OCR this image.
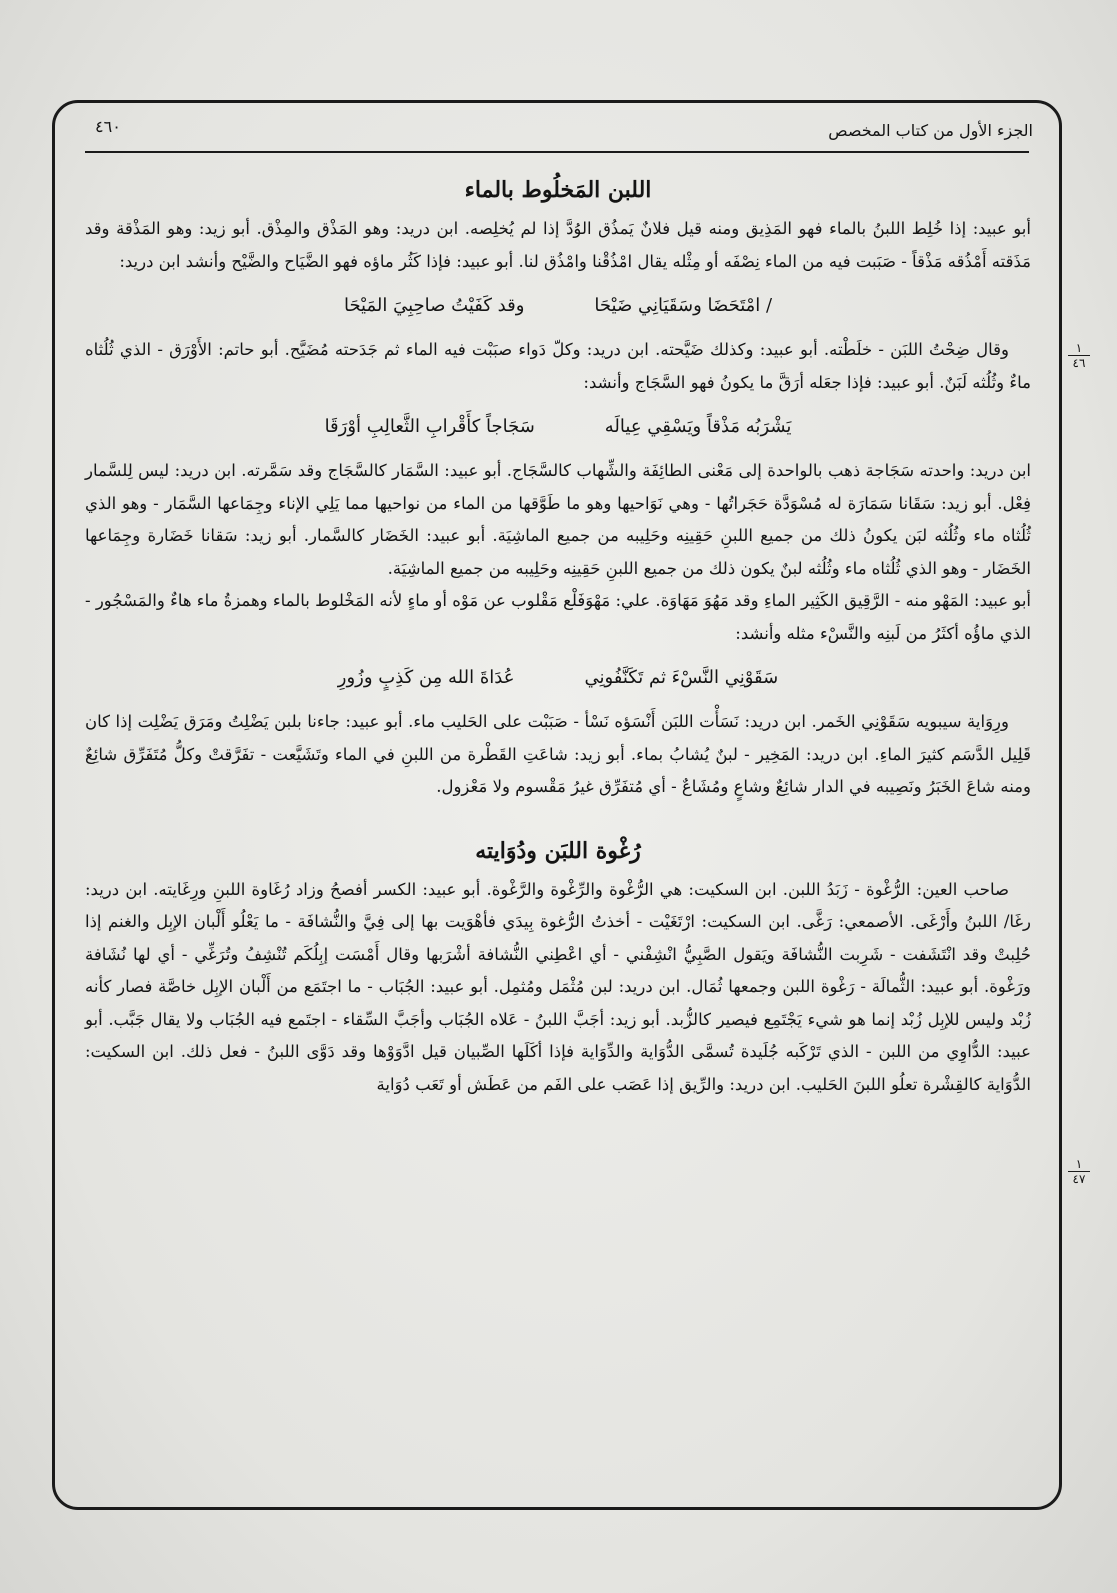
الجزء الأول من كتاب المخصص
٤٦٠
اللبن المَخلُوط بالماء

أبو عبيد: إذا خُلِط اللبنُ بالماء فهو المَذِيق ومنه قيل فلانٌ يَمذُق الوُدَّ إذا لم يُخلِصه. ابن دريد: وهو المَذْق والمِذْق. أبو زيد: وهو المَذْقة وقد مَذَقته أَمْذُقه مَذْقاً - صَبَبت فيه من الماء نِصْفَه أو مِثْله يقال امْذُقْنا وامْذُق لنا. أبو عبيد: فإذا كَثُر ماؤه فهو الضَّيَاح والضَّيْح وأنشد ابن دريد:

/ امْتَحَضَا وسَقَيَانِي ضَيْحَا
وقد كَفَيْتُ صاحِبِيَ المَيْحَا

وقال ضِحْتُ اللبَن - خلَطْته. أبو عبيد: وكذلك ضَيَّحته. ابن دريد: وكلّ دَواء صبَبْت فيه الماء ثم جَدَحته مُضَيَّح. أبو حاتم: الأَوْرَق - الذي ثُلُثاه ماءٌ وثُلُثه لَبَنٌ. أبو عبيد: فإذا جعَله أرَقَّ ما يكونُ فهو السَّجَاج وأنشد:

يَشْرَبُه مَذْقاً ويَسْقِي عِيالَه
سَجَاجاً كأَقْرابِ الثَّعالِبِ أوْرَقَا

ابن دريد: واحدته سَجَاجة ذهب بالواحدة إلى مَعْنى الطائِفَة والشِّهاب كالسَّجَاج. أبو عبيد: السَّمَار كالسَّجَاج وقد سَمَّرته. ابن دريد: ليس لِلسَّمار فِعْل. أبو زيد: سَقَانا سَمَارَة له مُسْوَدَّة حَجَراتُها - وهي نَوَاحيها وهو ما طَوَّقها من الماء من نواحيها مما يَلِي الإناء وجِمَاعها السَّمَار - وهو الذي ثُلُثاه ماء وثُلُثه لبَن يكونُ ذلك من جميع اللبنِ حَقِينِه وحَلِيبه من جميع الماشِيَة. أبو عبيد: الخَضَار كالسَّمار. أبو زيد: سَقانا خَضَارة وجِمَاعها الخَضَار - وهو الذي ثُلُثاه ماء وثُلُثه لبنٌ يكون ذلك من جميع اللبنِ حَقِينِه وحَلِيبه من جميع الماشِيَة.

أبو عبيد: المَهْو منه - الرَّقِيق الكَثِير الماءِ وقد مَهُوَ مَهَاوَة. علي: مَهْوَفَلْع مَقْلوب عن مَوْه أو ماءٍ لأنه المَخْلوط بالماء وهمزةُ ماء هاءٌ والمَسْجُور - الذي ماؤُه أكثَرُ من لَبنِه والنَّسْء مثله وأنشد:

سَقَوْنِي النَّسْءَ ثم تَكَنَّفُونِي
عُدَاةَ الله مِن كَذِبٍ وزُورِ

ورِوَاية سيبويه سَقَوْنِي الخَمر. ابن دريد: نَسَأْت اللبَن أَنْسَؤه نَسْأ - صَبَبْت على الحَليب ماء. أبو عبيد: جاءنا بلبن يَضْلِتُ ومَرَق يَضْلِت إذا كان قَلِيل الدَّسَم كثيرَ الماءِ. ابن دريد: المَخِير - لبنٌ يُشابُ بماء. أبو زيد: شاعَتِ القَطْرة من اللبنِ في الماء وتَشَيَّعت - تفَرَّقتْ وكلُّ مُتَفَرِّق شائِعٌ ومنه شاعَ الخَبَرُ ونَصِيبه في الدار شائِعٌ وشاعٍ ومُشَاعٌ - أي مُتفَرِّق غيرُ مَقْسوم ولا مَعْزول.

رُغْوة اللبَن ودُوَايته

صاحب العين: الرُّغْوة - زَبَدُ اللبن. ابن السكيت: هي الرُّغْوة والرِّغْوة والرَّغْوة. أبو عبيد: الكسر أفصحُ وزاد رُغَاوة اللبنِ ورِغَايته. ابن دريد: رغَا/ اللبنُ وأَرْغَى. الأصمعي: رَغَّى. ابن السكيت: ارْتَغَيْت - أخذتُ الرُّغوة بِيدَي فأهْوَيت بها إلى فِيَّ والنُّشافَة - ما يَعْلُو أَلْبان الإبِل والغنم إذا حُلِبتْ وقد انْتَشَفت - شَرِبت النُّشافَة ويَقول الصَّبِيُّ انْشِفْني - أي اعْطِني النُّشافة أشْرَبها وقال أَمْسَت إبِلُكَم تُنْشِفُ وتُرَغِّي - أي لها نُشَافة ورَغْوة. أبو عبيد: الثُّمالَة - رَغْوة اللبن وجمعها ثُمَال. ابن دريد: لبن مُثْمَل ومُثمِل. أبو عبيد: الجُبَاب - ما اجتَمَع من أَلْبان الإبِل خاصَّة فصار كأنه زُبْد وليس للإبِل زُبْد إنما هو شيء يَجْتَمِع فيصير كالزُّبد. أبو زيد: أجَبَّ اللبنُ - عَلاه الجُبَاب وأجَبَّ السِّقاء - اجتَمع فيه الجُبَاب ولا يقال جَبَّب. أبو عبيد: الدُّاوِي من اللبن - الذي تَرْكَبه جُلَيدة تُسمَّى الدُّوَاية والدِّوَاية فإذا أكَلَها الصِّبيان قيل ادَّوَوْها وقد دَوَّى اللبنُ - فعل ذلك. ابن السكيت: الدُّوَاية كالقِشْرة تعلُو اللبنَ الحَليب. ابن دريد: والرِّيق إذا عَصَب على الفَم من عَطَش أو تَعَب دُوَاية

١
٤٦
١
٤٧
